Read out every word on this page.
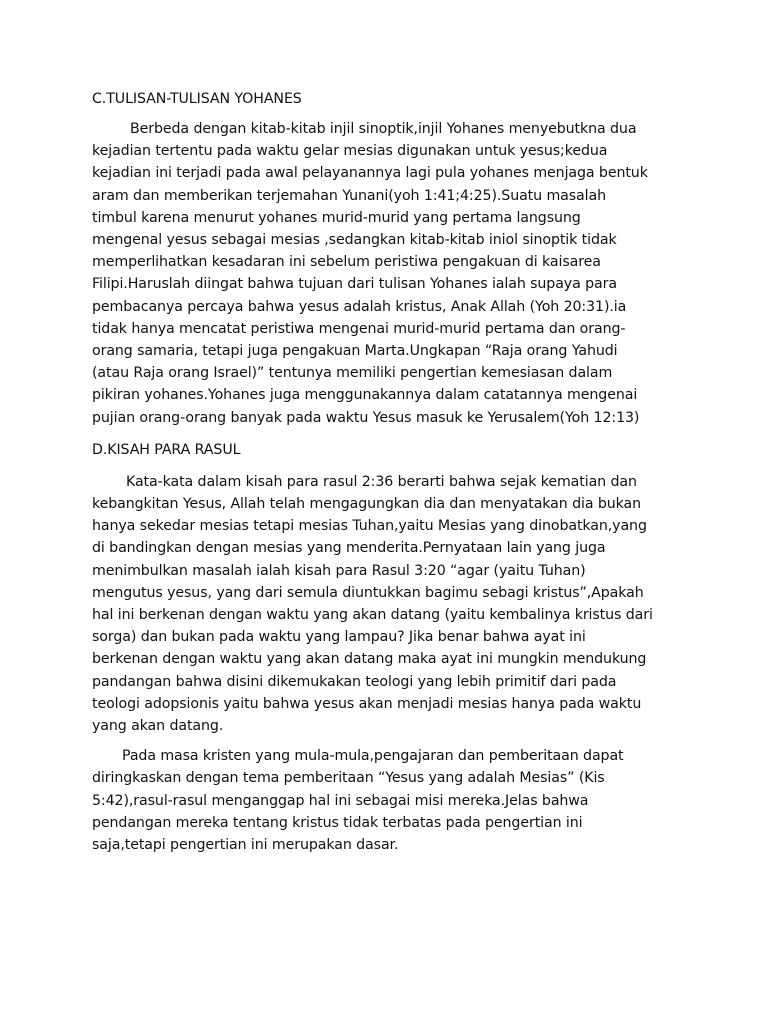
C.TULISAN-TULISAN YOHANES
Berbeda dengan kitab-kitab injil sinoptik,injil Yohanes menyebutkna dua
kejadian tertentu pada waktu gelar mesias digunakan untuk yesus;kedua
kejadian ini terjadi pada awal pelayanannya lagi pula yohanes menjaga bentuk
aram dan memberikan terjemahan Yunani(yoh 1:41;4:25).Suatu masalah
timbul karena menurut yohanes murid-murid yang pertama langsung
mengenal yesus sebagai mesias ,sedangkan kitab-kitab iniol sinoptik tidak
memperlihatkan kesadaran ini sebelum peristiwa pengakuan di kaisarea
Filipi.Haruslah diingat bahwa tujuan dari tulisan Yohanes ialah supaya para
pembacanya percaya bahwa yesus adalah kristus, Anak Allah (Yoh 20:31).ia
tidak hanya mencatat peristiwa mengenai murid-murid pertama dan orang-
orang samaria, tetapi juga pengakuan Marta.Ungkapan “Raja orang Yahudi
(atau Raja orang Israel)” tentunya memiliki pengertian kemesiasan dalam
pikiran yohanes.Yohanes juga menggunakannya dalam catatannya mengenai
pujian orang-orang banyak pada waktu Yesus masuk ke Yerusalem(Yoh 12:13)
D.KISAH PARA RASUL
Kata-kata dalam kisah para rasul 2:36 berarti bahwa sejak kematian dan
kebangkitan Yesus, Allah telah mengagungkan dia dan menyatakan dia bukan
hanya sekedar mesias tetapi mesias Tuhan,yaitu Mesias yang dinobatkan,yang
di bandingkan dengan mesias yang menderita.Pernyataan lain yang juga
menimbulkan masalah ialah kisah para Rasul 3:20 “agar (yaitu Tuhan)
mengutus yesus, yang dari semula diuntukkan bagimu sebagi kristus”,Apakah
hal ini berkenan dengan waktu yang akan datang (yaitu kembalinya kristus dari
sorga) dan bukan pada waktu yang lampau? Jika benar bahwa ayat ini
berkenan dengan waktu yang akan datang maka ayat ini mungkin mendukung
pandangan bahwa disini dikemukakan teologi yang lebih primitif dari pada
teologi adopsionis yaitu bahwa yesus akan menjadi mesias hanya pada waktu
yang akan datang.
Pada masa kristen yang mula-mula,pengajaran dan pemberitaan dapat
diringkaskan dengan tema pemberitaan “Yesus yang adalah Mesias” (Kis
5:42),rasul-rasul menganggap hal ini sebagai misi mereka.Jelas bahwa
pendangan mereka tentang kristus tidak terbatas pada pengertian ini
saja,tetapi pengertian ini merupakan dasar.
